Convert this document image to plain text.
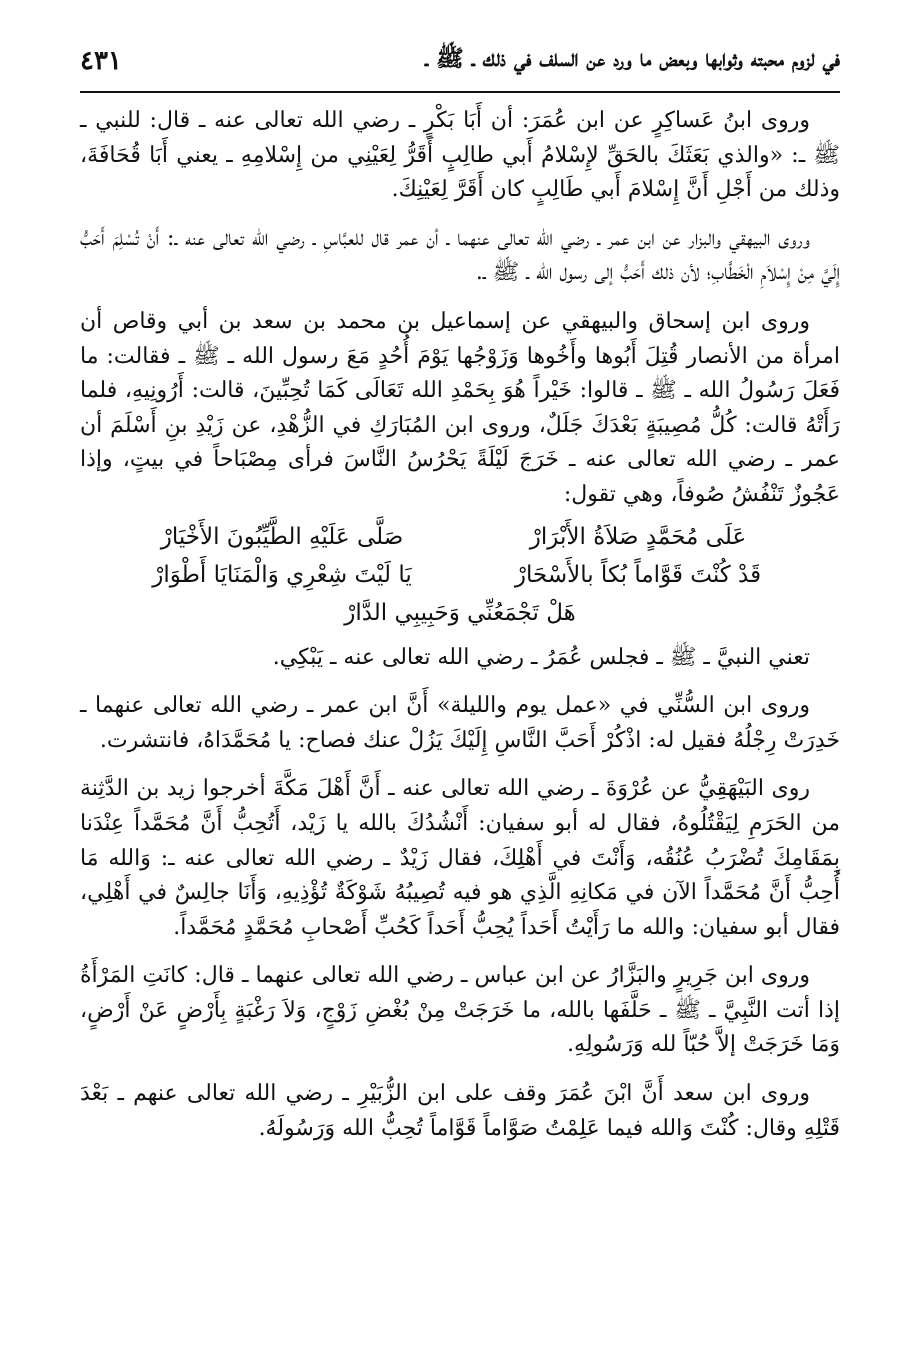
في لزوم محبته وثوابها وبعض ما ورد عن السلف في ذلك ـ ﷺ ـ
٤٣١

وروى ابنُ عَساكِرٍ عن ابن عُمَرَ: أن أَبَا بَكْرٍ ـ رضي الله تعالى عنه ـ قال: للنبي ـ ﷺ ـ: «والذي بَعَثَكَ بالحَقِّ لإِسْلامُ أَبي طالِبٍ أَقَرُّ لِعَيْنِي من إِسْلامِهِ ـ يعني أَبَا قُحَافَةَ، وذلك من أَجْلِ أَنَّ إِسْلامَ أَبي طَالِبٍ كان أَقَرَّ لِعَيْنِكَ.

وروى البيهقي والبزار عن ابن عمر ـ رضي الله تعالى عنهما ـ أن عمر قال للعبَّاسِ ـ رضي الله تعالى عنه ـ: أَنْ تُسْلِمَ أَحَبُّ إِلَيَّ مِنْ إِسْلاَمِ الْخَطَّابِ؛ لأن ذلك أَحَبُّ إلى رسول الله ـ ﷺ ـ.

وروى ابن إسحاق والبيهقي عن إسماعيل بن محمد بن سعد بن أبي وقاص أن امرأة من الأنصار قُتِلَ أَبُوها وأَخُوها وَزَوْجُها يَوْمَ أُحُدٍ مَعَ رسول الله ـ ﷺ ـ فقالت: ما فَعَلَ رَسُولُ الله ـ ﷺ ـ قالوا: خَيْراً هُوَ بِحَمْدِ الله تَعَالَى كَمَا تُحِبِّينَ، قالت: أَرُونِيهِ، فلما رَأَتْهُ قالت: كُلُّ مُصِيبَةٍ بَعْدَكَ جَلَلٌ، وروى ابن المُبَارَكِ في الزُّهْدِ، عن زَيْدِ بنِ أَسْلَمَ أن عمر ـ رضي الله تعالى عنه ـ خَرَجَ لَيْلَةً يَحْرُسُ النَّاسَ فرأى مِصْبَاحاً في بيتٍ، وإذا عَجُوزٌ تَنْفُشُ صُوفاً، وهي تقول:

عَلَى مُحَمَّدٍ صَلاَةُ الأَبْرَارْ
صَلَّى عَلَيْهِ الطَّيِّبُونَ الأَخْيَارْ
قَدْ كُنْتَ قَوَّاماً بُكاً بالأَسْحَارْ
يَا لَيْتَ شِعْرِي وَالْمَنَايَا أَطْوَارْ
هَلْ تَجْمَعُنِّي وَحَبِيبِي الدَّارْ

تعني النبيَّ ـ ﷺ ـ فجلس عُمَرُ ـ رضي الله تعالى عنه ـ يَبْكِي.

وروى ابن السُّنِّي في «عمل يوم والليلة» أَنَّ ابن عمر ـ رضي الله تعالى عنهما ـ خَدِرَتْ رِجْلُهُ فقيل له: اذْكُرْ أَحَبَّ النَّاسِ إِلَيْكَ يَزُلْ عنك فصاح: يا مُحَمَّدَاهُ، فانتشرت.

روى البَيْهَقِيُّ عن عُرْوَةَ ـ رضي الله تعالى عنه ـ أَنَّ أَهْلَ مَكَّةَ أخرجوا زيد بن الدَّثِنة من الحَرَمِ لِيَقْتُلُوهُ، فقال له أبو سفيان: أَنْشُدُكَ بالله يا زَيْد، أَتُحِبُّ أَنَّ مُحَمَّداً عِنْدَنا بِمَقَامِكَ تُضْرَبُ عُنُقُه، وَأَنْتَ في أَهْلِكَ، فقال زَيْدٌ ـ رضي الله تعالى عنه ـ: وَالله مَا أُحِبُّ أَنَّ مُحَمَّداً الآن في مَكانِهِ الَّذِي هو فيه تُصِيبُهُ شَوْكَةٌ تُؤْذِيهِ، وَأَنَا جالِسٌ في أَهْلِي، فقال أبو سفيان: والله ما رَأَيْتُ أَحَداً يُحِبُّ أَحَداً كَحُبِّ أَصْحابِ مُحَمَّدٍ مُحَمَّداً.

وروى ابن جَرِيرٍ والبَزَّارُ عن ابن عباس ـ رضي الله تعالى عنهما ـ قال: كانَتِ المَرْأَةُ إذا أتت النَّبِيَّ ـ ﷺ ـ حَلَّفَها بالله، ما خَرَجَتْ مِنْ بُغْضِ زَوْجٍ، وَلاَ رَغْبَةٍ بِأَرْضٍ عَنْ أَرْضٍ، وَمَا خَرَجَتْ إلاَّ حُبّاً لله وَرَسُولِهِ.

وروى ابن سعد أَنَّ ابْنَ عُمَرَ وقف على ابن الزُّبَيْرِ ـ رضي الله تعالى عنهم ـ بَعْدَ قَتْلِهِ وقال: كُنْتَ وَالله فيما عَلِمْتُ صَوَّاماً قَوَّاماً تُحِبُّ الله وَرَسُولَهُ.
